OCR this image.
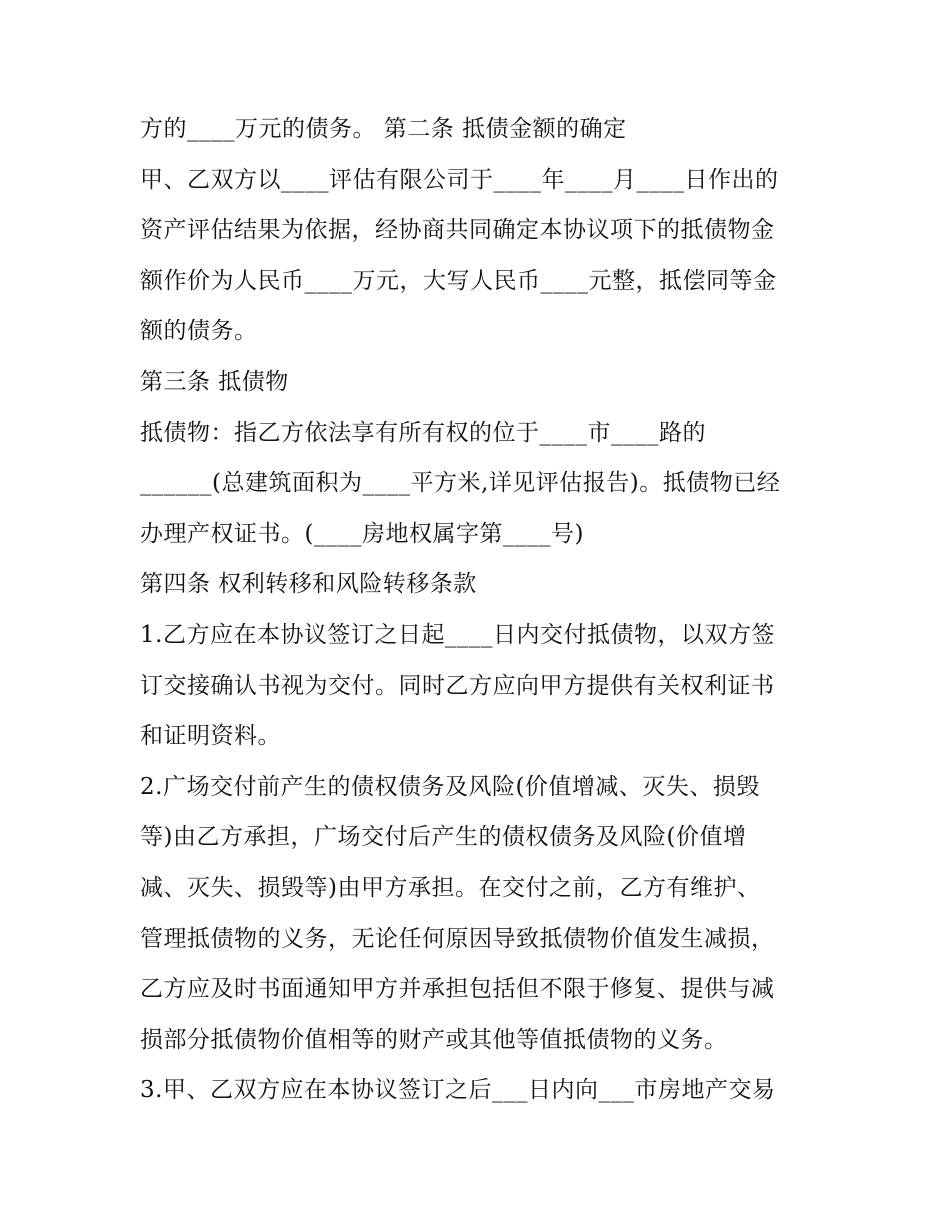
方的____万元的债务。 第二条 抵债金额的确定
甲、乙双方以____评估有限公司于____年____月____日作出的
资产评估结果为依据，经协商共同确定本协议项下的抵债物金
额作价为人民币____万元，大写人民币____元整，抵偿同等金
额的债务。
第三条 抵债物
抵债物：指乙方依法享有所有权的位于____市____路的
______(总建筑面积为____平方米,详见评估报告)。抵债物已经
办理产权证书。(____房地权属字第____号)
第四条 权利转移和风险转移条款
1.乙方应在本协议签订之日起____日内交付抵债物，以双方签
订交接确认书视为交付。同时乙方应向甲方提供有关权利证书
和证明资料。
2.广场交付前产生的债权债务及风险(价值增减、灭失、损毁
等)由乙方承担，广场交付后产生的债权债务及风险(价值增
减、灭失、损毁等)由甲方承担。在交付之前，乙方有维护、
管理抵债物的义务，无论任何原因导致抵债物价值发生减损，
乙方应及时书面通知甲方并承担包括但不限于修复、提供与减
损部分抵债物价值相等的财产或其他等值抵债物的义务。
3.甲、乙双方应在本协议签订之后___日内向___市房地产交易
